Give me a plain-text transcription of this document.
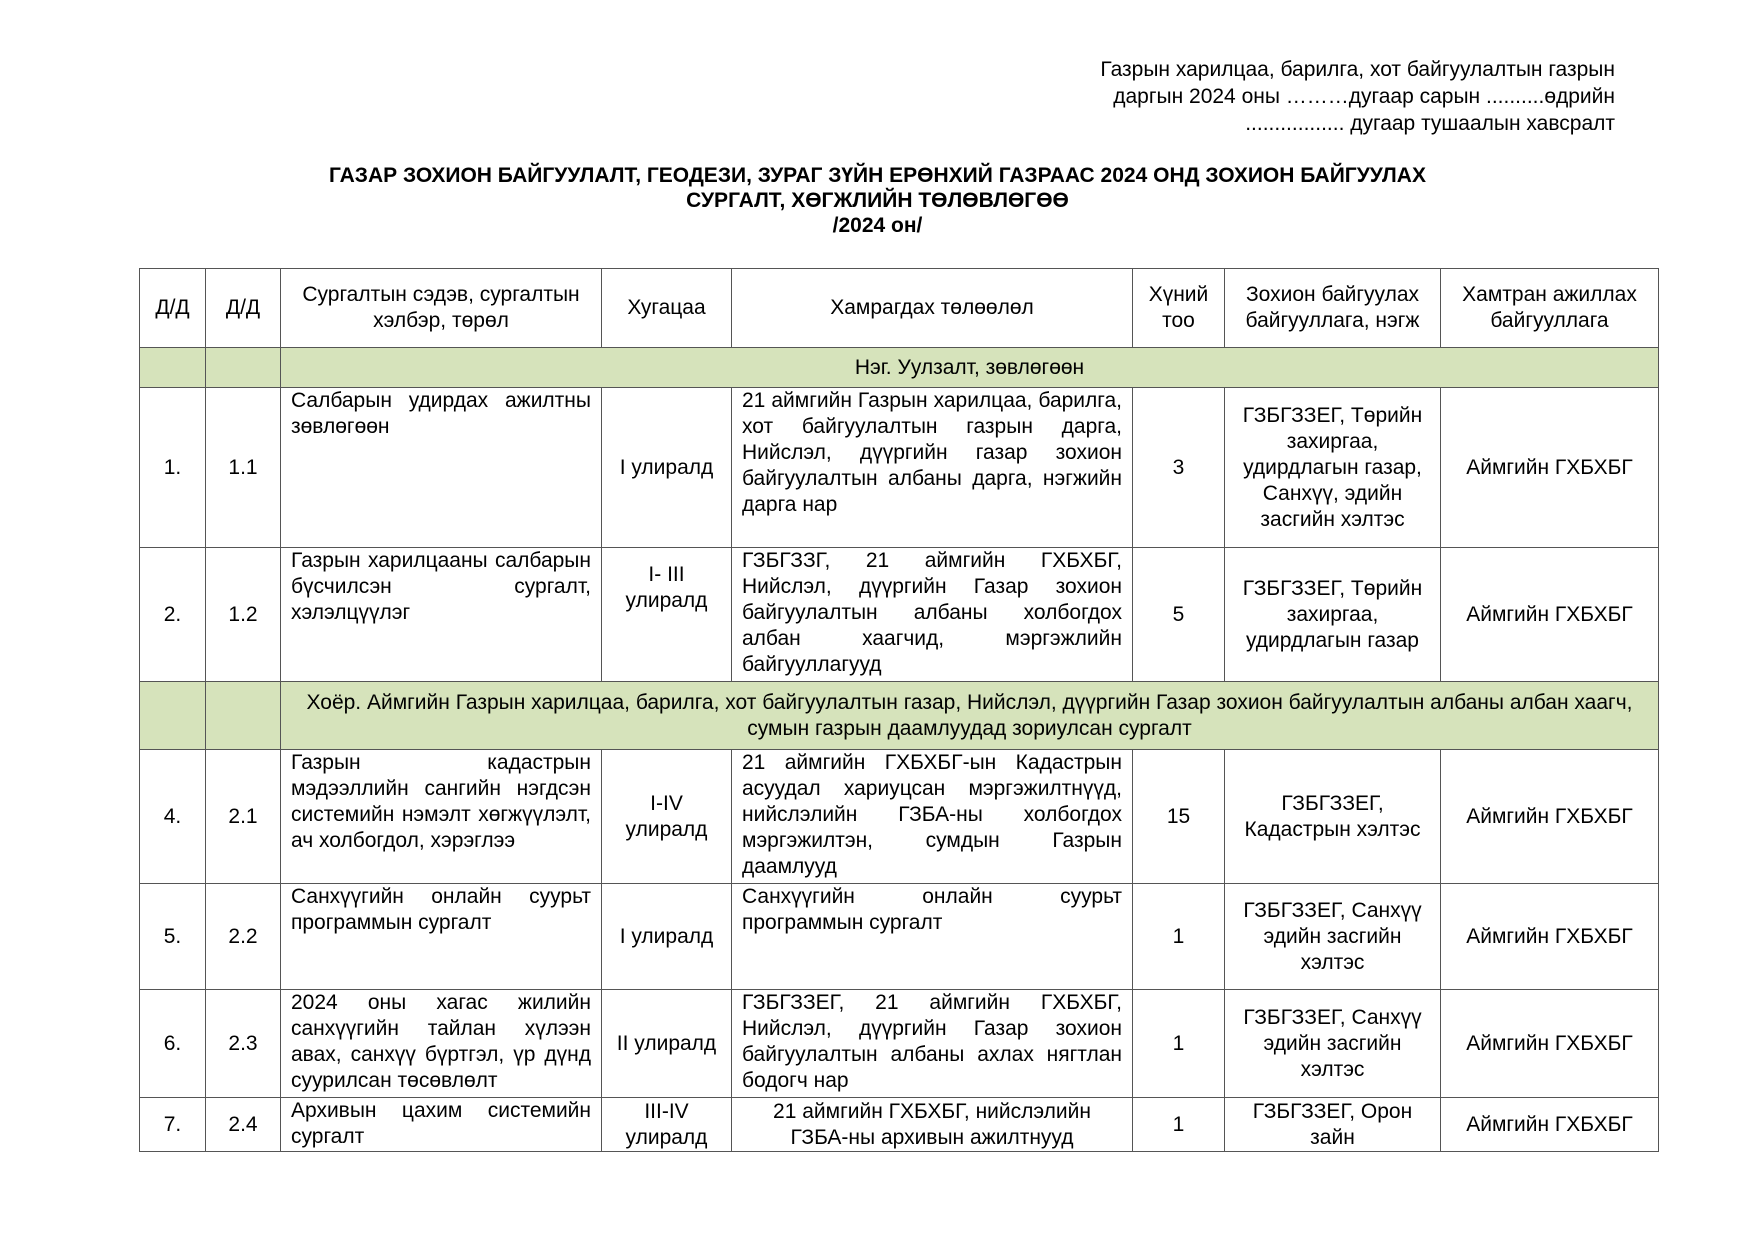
Газрын харилцаа, барилга, хот байгуулалтын газрын
даргын 2024 оны ………дугаар сарын ..........өдрийн
................. дугаар тушаалын хавсралт
ГАЗАР ЗОХИОН БАЙГУУЛАЛТ, ГЕОДЕЗИ, ЗУРАГ ЗҮЙН ЕРӨНХИЙ ГАЗРААС 2024 ОНД ЗОХИОН БАЙГУУЛАХ
СУРГАЛТ, ХӨГЖЛИЙН ТӨЛӨВЛӨГӨӨ
/2024 он/
Д/Д	Д/Д	Сургалтын сэдэв, сургалтын хэлбэр, төрөл	Хугацаа	Хамрагдах төлөөлөл	Хүний тоо	Зохион байгуулах байгууллага, нэгж	Хамтран ажиллах байгууллага
		Нэг. Уулзалт, зөвлөгөөн					
1.	1.1	Салбарын удирдах ажилтны зөвлөгөөн	I улиралд	21 аймгийн Газрын харилцаа, барилга, хот байгуулалтын газрын дарга, Нийслэл, дүүргийн газар зохион байгуулалтын албаны дарга, нэгжийн дарга нар	3	ГЗБГЗЗЕГ, Төрийн захиргаа, удирдлагын газар, Санхүү, эдийн засгийн хэлтэс	Аймгийн ГХБХБГ
2.	1.2	Газрын харилцааны салбарын бүсчилсэн сургалт, хэлэлцүүлэг	I- III улиралд	ГЗБГЗЗГ, 21 аймгийн ГХБХБГ, Нийслэл, дүүргийн Газар зохион байгуулалтын албаны холбогдох албан хаагчид, мэргэжлийн байгууллагууд	5	ГЗБГЗЗЕГ, Төрийн захиргаа, удирдлагын газар	Аймгийн ГХБХБГ
		Хоёр. Аймгийн Газрын харилцаа, барилга, хот байгуулалтын газар, Нийслэл, дүүргийн Газар зохион байгуулалтын албаны албан хаагч, сумын газрын даамлуудад зориулсан сургалт					
4.	2.1	Газрын кадастрын мэдээллийн сангийн нэгдсэн системийн нэмэлт хөгжүүлэлт, ач холбогдол, хэрэглээ	I-IV улиралд	21 аймгийн ГХБХБГ-ын Кадастрын асуудал хариуцсан мэргэжилтнүүд, нийслэлийн ГЗБА-ны холбогдох мэргэжилтэн, сумдын Газрын даамлууд	15	ГЗБГЗЗЕГ, Кадастрын хэлтэс	Аймгийн ГХБХБГ
5.	2.2	Санхүүгийн онлайн суурьт программын сургалт	I улиралд	Санхүүгийн онлайн суурьт программын сургалт	1	ГЗБГЗЗЕГ, Санхүү эдийн засгийн хэлтэс	Аймгийн ГХБХБГ
6.	2.3	2024 оны хагас жилийн санхүүгийн тайлан хүлээн авах, санхүү бүртгэл, үр дүнд суурилсан төсөвлөлт	II улиралд	ГЗБГЗЗЕГ, 21 аймгийн ГХБХБГ, Нийслэл, дүүргийн Газар зохион байгуулалтын албаны ахлах нягтлан бодогч нар	1	ГЗБГЗЗЕГ, Санхүү эдийн засгийн хэлтэс	Аймгийн ГХБХБГ
7.	2.4	Архивын цахим системийн сургалт	III-IV улиралд	21 аймгийн ГХБХБГ, нийслэлийн ГЗБА-ны архивын ажилтнууд	1	ГЗБГЗЗЕГ, Орон зайн	Аймгийн ГХБХБГ
